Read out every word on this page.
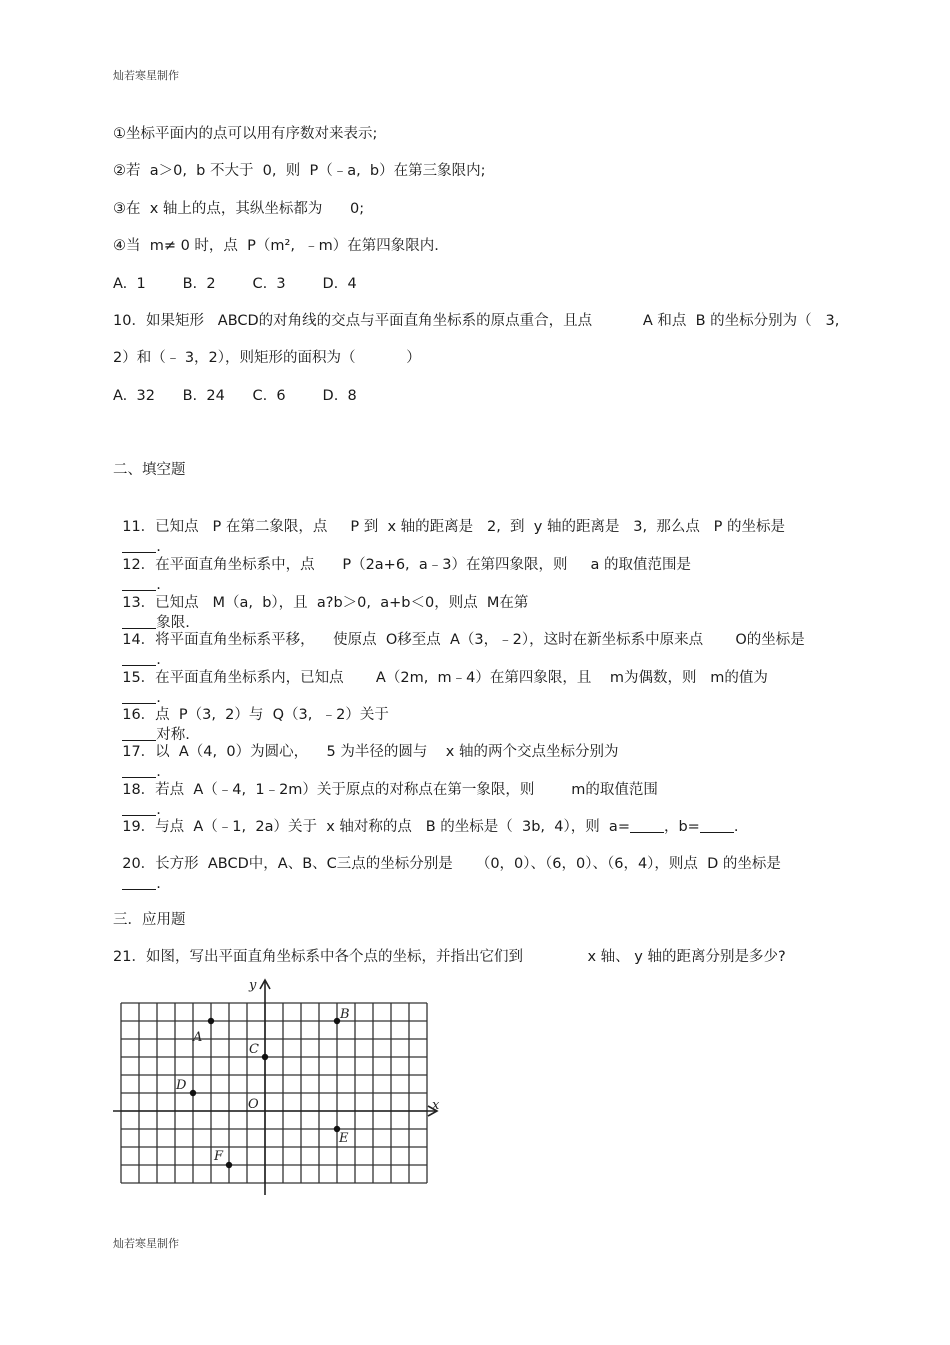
灿若寒星制作
①坐标平面内的点可以用有序数对来表示;
②若  a＞0,  b 不大于  0,  则  P（﹣a,  b）在第三象限内;
③在  x 轴上的点，其纵坐标都为      0;
④当  m≠ 0 时，点  P（m²,  ﹣m）在第四象限内.
A.  1        B.  2        C.  3        D.  4
10．如果矩形   ABCD的对角线的交点与平面直角坐标系的原点重合，且点           A 和点  B 的坐标分别为（   3,
2）和（﹣ 3，2），则矩形的面积为（           ）
A.  32      B.  24      C.  6        D.  8
二、填空题

11．已知点   P 在第二象限，点     P 到  x 轴的距离是   2,  到  y 轴的距离是   3,  那么点   P 的坐标是
.

12．在平面直角坐标系中，点      P（2a+6,  a﹣3）在第四象限，则     a 的取值范围是
.

13．已知点   M（a,  b），且  a?b＞0,  a+b＜0，则点  M在第
象限.

14．将平面直角坐标系平移，    使原点  O移至点  A（3，﹣2），这时在新坐标系中原来点       O的坐标是
.

15．在平面直角坐标系内，已知点       A（2m,  m﹣4）在第四象限，且    m为偶数，则   m的值为
.

16．点  P（3,  2）与  Q（3,  ﹣2）关于
对称.

17．以  A（4,  0）为圆心，    5 为半径的圆与    x 轴的两个交点坐标分别为
.

18．若点  A（﹣4,  1﹣2m）关于原点的对称点在第一象限，则        m的取值范围
.

19．与点  A（﹣1,  2a）关于  x 轴对称的点   B 的坐标是（  3b,  4），则  a= ，b= .

20．长方形  ABCD中，A、B、C三点的坐标分别是     （0，0）、（6，0）、（6，4），则点  D 的坐标是
.

三．应用题
21．如图，写出平面直角坐标系中各个点的坐标，并指出它们到              x 轴、 y 轴的距离分别是多少?
x
y
O
A
B
C
D
E
F
灿若寒星制作
